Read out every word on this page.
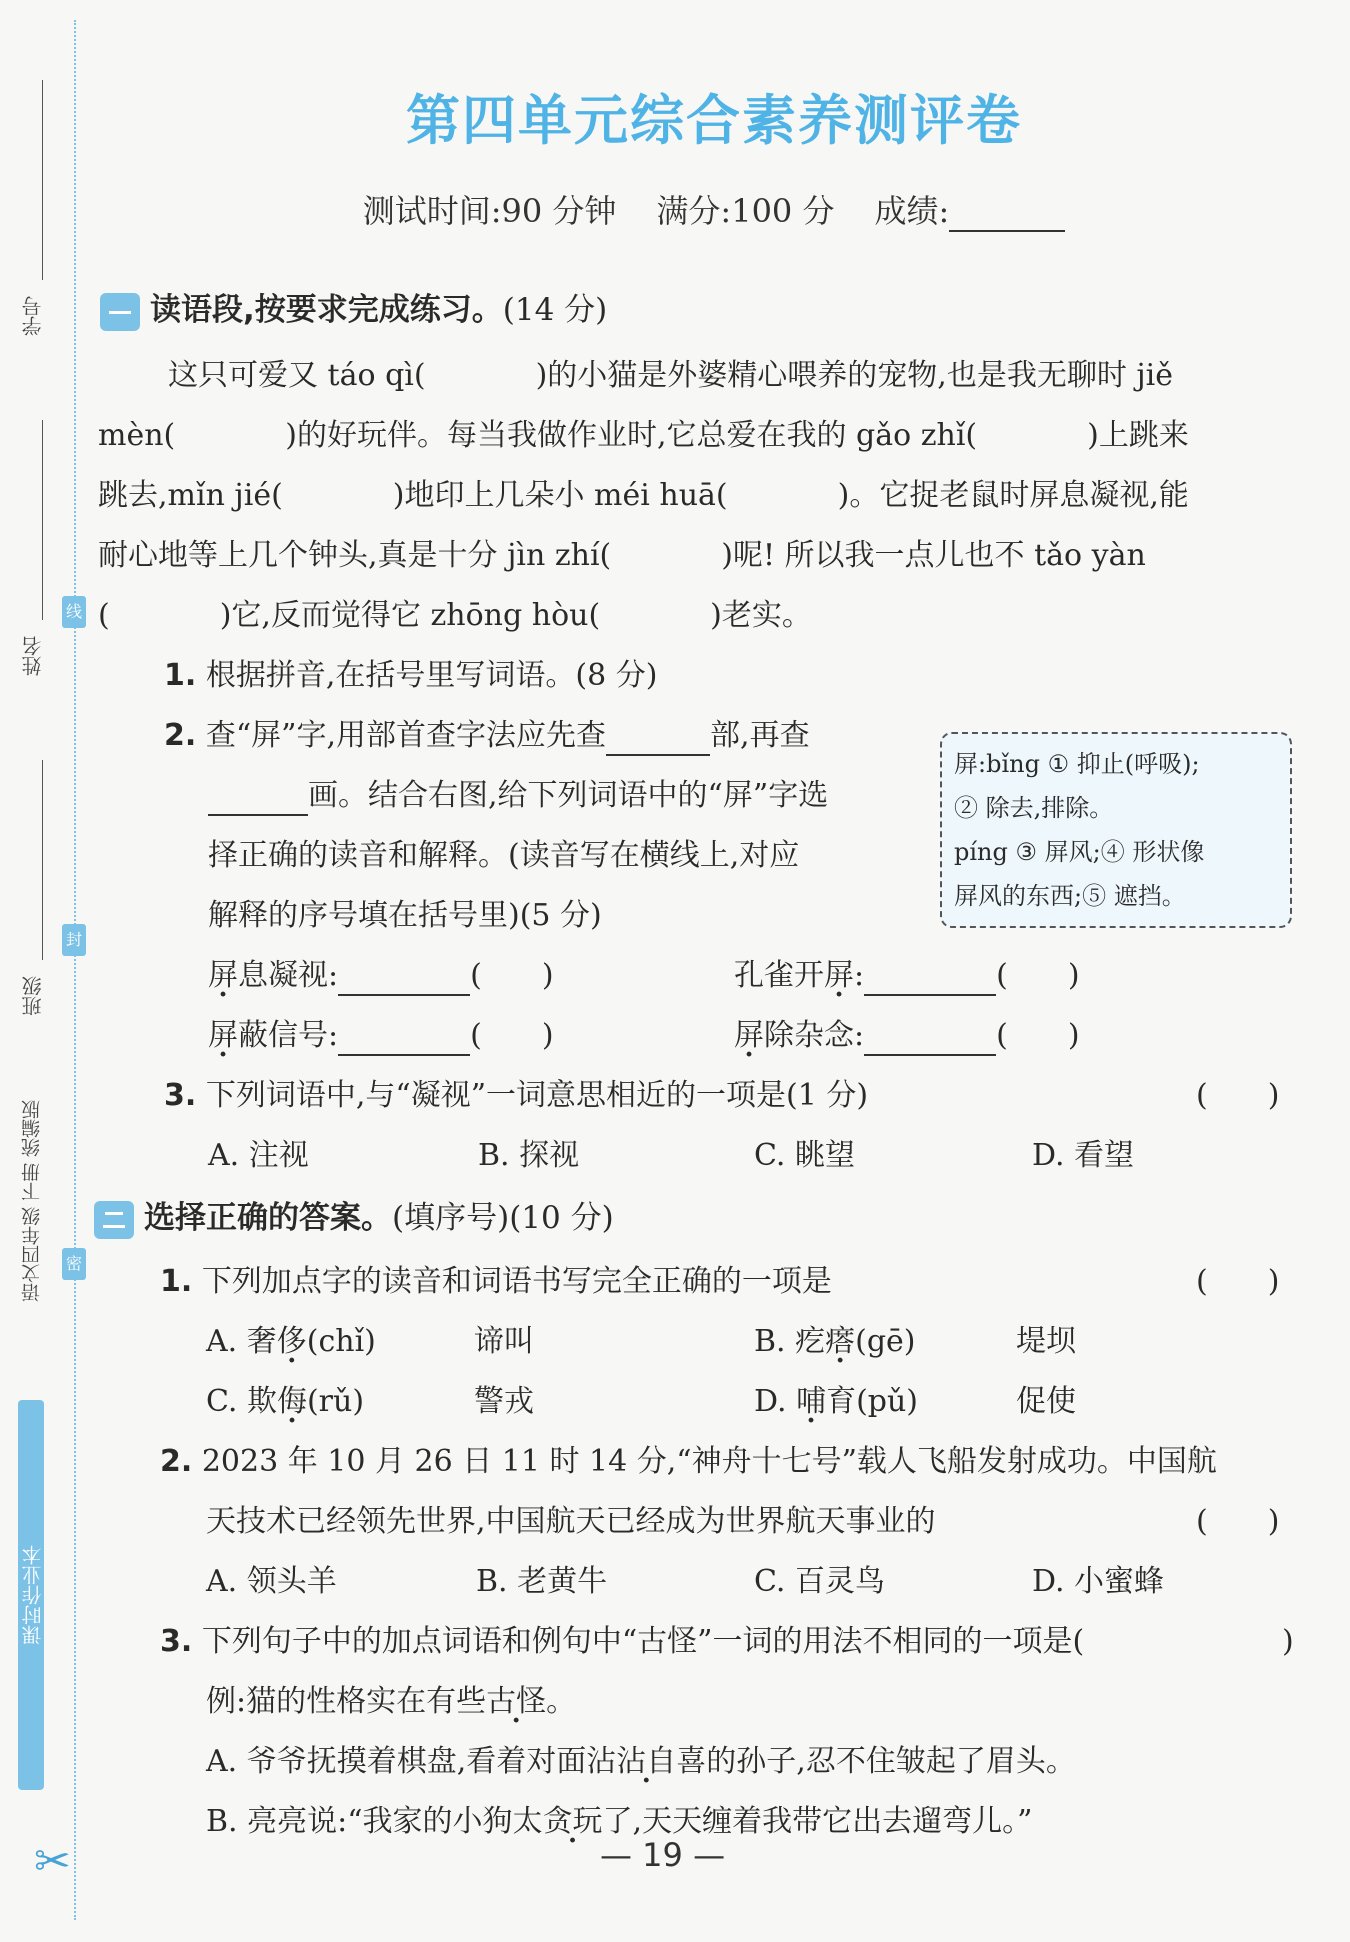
学号
姓名
班级
线
封
密
语文四年级 下册 统编版
课时作业本
✂
第四单元综合素养测评卷
测试时间:90 分钟 满分:100 分 成绩:
读语段,按要求完成练习。(14 分)
这只可爱又 táo qì(	)的小猫是外婆精心喂养的宠物,也是我无聊时 jiě
mèn(	)的好玩伴。每当我做作业时,它总爱在我的 gǎo zhǐ(	)上跳来
跳去,mǐn jié(	)地印上几朵小 méi huā(	)。它捉老鼠时屏息凝视,能
耐心地等上几个钟头,真是十分 jìn zhí(	)呢! 所以我一点儿也不 tǎo yàn
(	)它,反而觉得它 zhōng hòu(	)老实。
1. 根据拼音,在括号里写词语。(8 分)
2. 查“屏”字,用部首查字法应先查	部,再查
画。结合右图,给下列词语中的“屏”字选
择正确的读音和解释。(读音写在横线上,对应
解释的序号填在括号里)(5 分)
屏息凝视:	(　　)	孔雀开屏:	(　　)
屏蔽信号:	(　　)	屏除杂念:	(　　)
3. 下列词语中,与“凝视”一词意思相近的一项是(1 分)	(　　)
A. 注视	B. 探视	C. 眺望	D. 看望
选择正确的答案。(填序号)(10 分)
1. 下列加点字的读音和词语书写完全正确的一项是	(　　)
A. 奢侈(chǐ)	谛叫	B. 疙瘩(gē)	堤坝
C. 欺侮(rǔ)	警戎	D. 哺育(pǔ)	促使
2. 2023 年 10 月 26 日 11 时 14 分,“神舟十七号”载人飞船发射成功。中国航
天技术已经领先世界,中国航天已经成为世界航天事业的	(　　)
A. 领头羊	B. 老黄牛	C. 百灵鸟	D. 小蜜蜂
3. 下列句子中的加点词语和例句中“古怪”一词的用法不相同的一项是(	)
例:猫的性格实在有些古怪。
A. 爷爷抚摸着棋盘,看着对面沾沾自喜的孙子,忍不住皱起了眉头。
B. 亮亮说:“我家的小狗太贪玩了,天天缠着我带它出去遛弯儿。”
屏:bǐng ① 抑止(呼吸);
② 除去,排除。
píng ③ 屏风;④ 形状像
屏风的东西;⑤ 遮挡。
— 19 —
